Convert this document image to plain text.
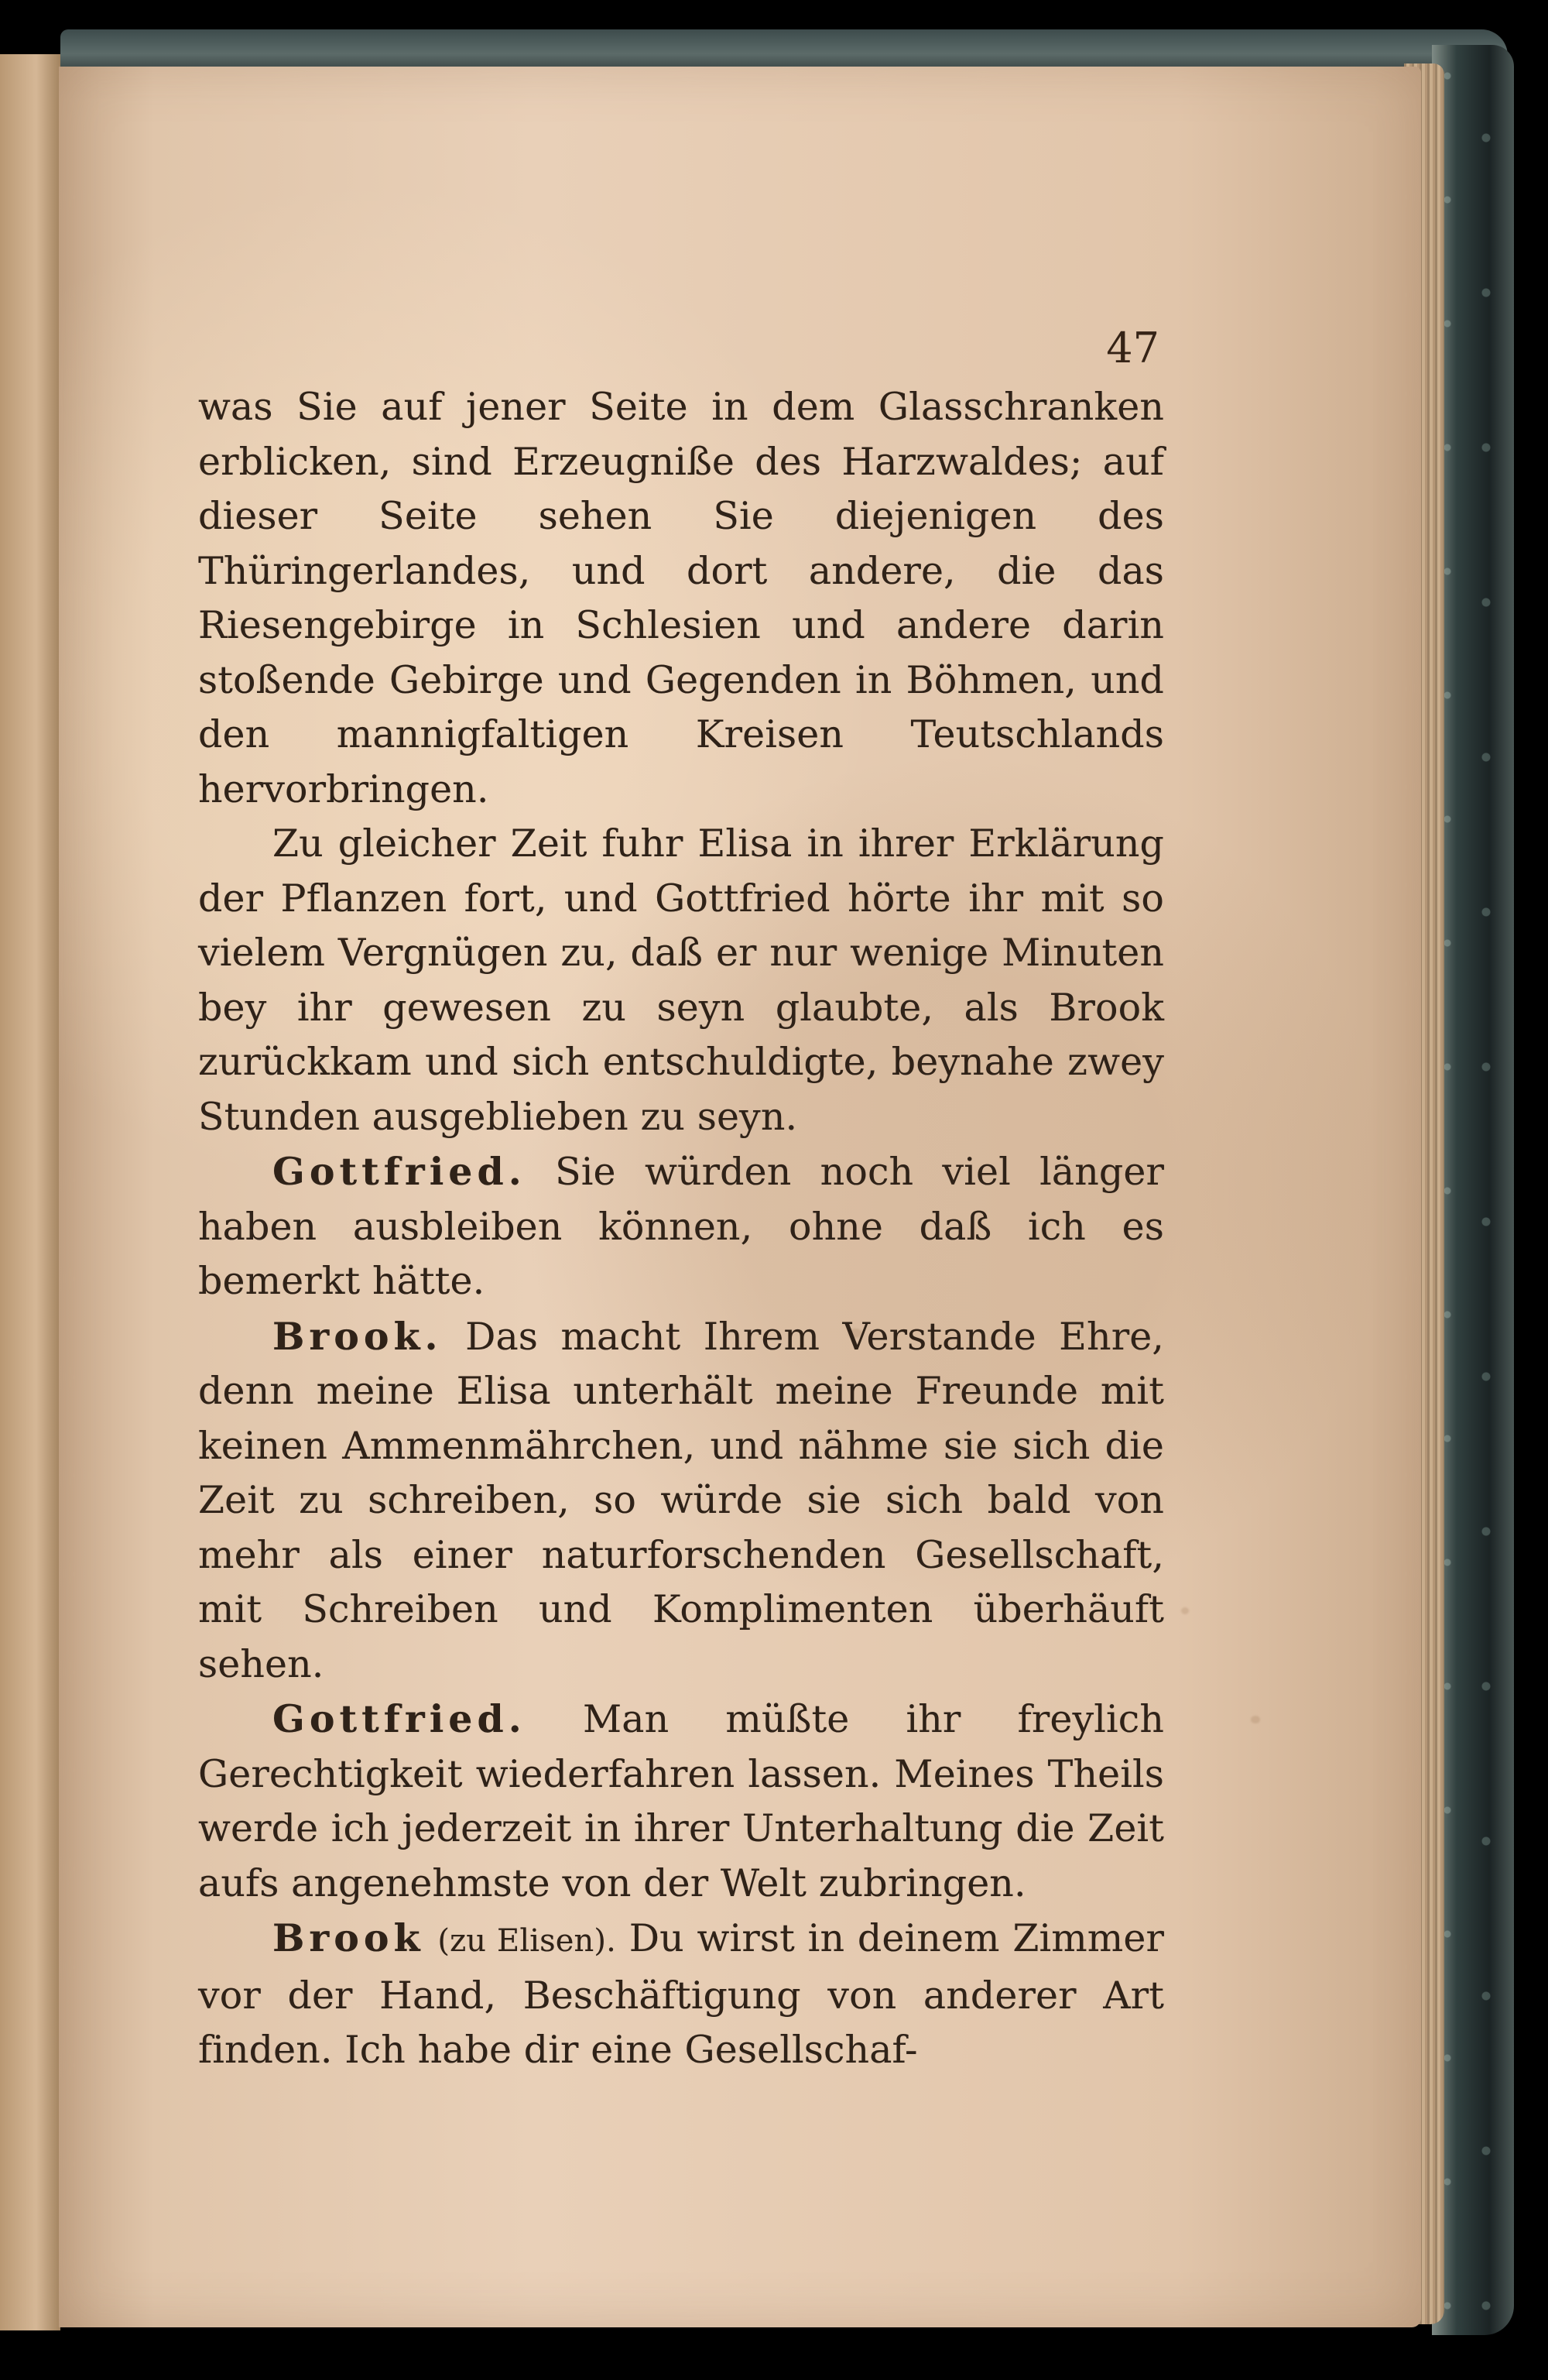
47

was Sie auf jener Seite in dem Glasschranken erblicken, sind Erzeugniße des Harzwaldes; auf dieser Seite sehen Sie diejenigen des Thüringerlandes, und dort andere, die das Riesengebirge in Schlesien und andere darin stoßende Gebirge und Gegenden in Böhmen, und den mannigfaltigen Kreisen Teutschlands hervorbringen.

Zu gleicher Zeit fuhr Elisa in ihrer Erklärung der Pflanzen fort, und Gottfried hörte ihr mit so vielem Vergnügen zu, daß er nur wenige Minuten bey ihr gewesen zu seyn glaubte, als Brook zurückkam und sich entschuldigte, beynahe zwey Stunden ausgeblieben zu seyn.

Gottfried. Sie würden noch viel länger haben ausbleiben können, ohne daß ich es bemerkt hätte.

Brook. Das macht Ihrem Verstande Ehre, denn meine Elisa unterhält meine Freunde mit keinen Ammenmährchen, und nähme sie sich die Zeit zu schreiben, so würde sie sich bald von mehr als einer naturforschenden Gesellschaft, mit Schreiben und Komplimenten überhäuft sehen.

Gottfried. Man müßte ihr freylich Gerechtigkeit wiederfahren lassen. Meines Theils werde ich jederzeit in ihrer Unterhaltung die Zeit aufs angenehmste von der Welt zubringen.

Brook (zu Elisen). Du wirst in deinem Zimmer vor der Hand, Beschäftigung von anderer Art finden. Ich habe dir eine Gesellschaf-
